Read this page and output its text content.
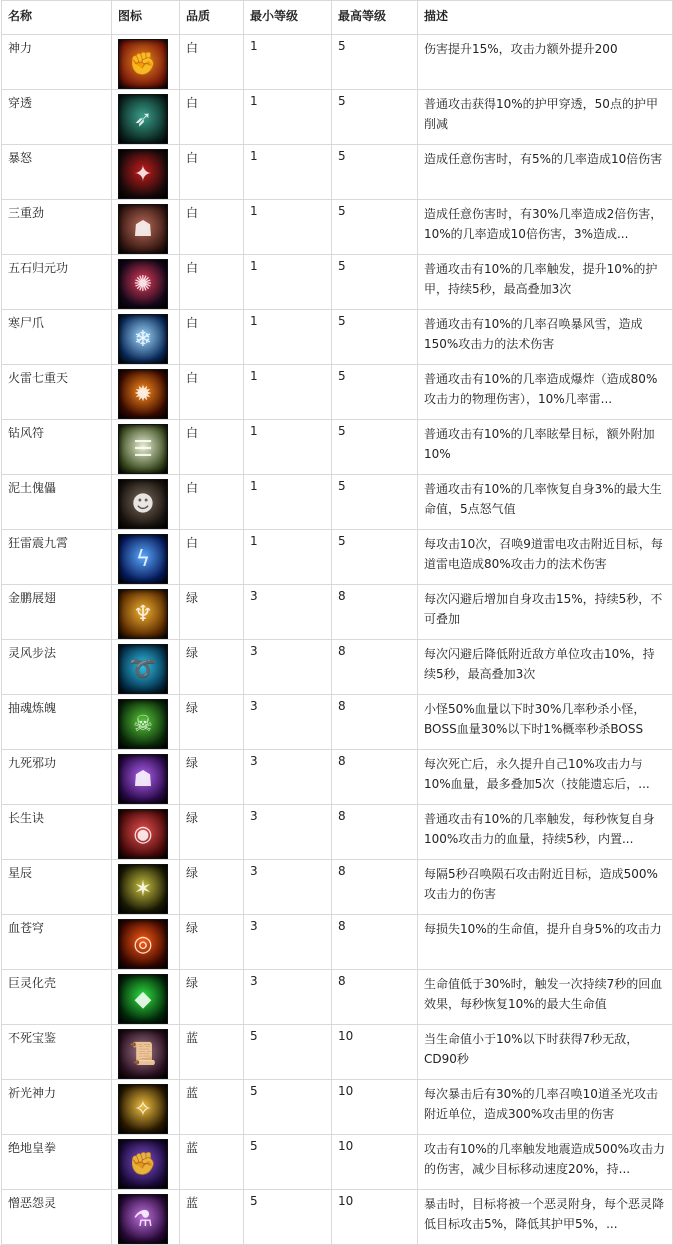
名称	图标	品质	最小等级	最高等级	描述
神力	✊	白	1	5	伤害提升15%，攻击力额外提升200

穿透	➶	白	1	5	普通攻击获得10%的护甲穿透，50点的护甲削减

暴怒	✦	白	1	5	造成任意伤害时，有5%的几率造成10倍伤害

三重劲	☗	白	1	5	造成任意伤害时，有30%几率造成2倍伤害，10%的几率造成10倍伤害，3%造成...

五石归元功	✺	白	1	5	普通攻击有10%的几率触发，提升10%的护甲，持续5秒，最高叠加3次

寒尸爪	❄	白	1	5	普通攻击有10%的几率召唤暴风雪，造成150%攻击力的法术伤害

火雷七重天	✹	白	1	5	普通攻击有10%的几率造成爆炸（造成80%攻击力的物理伤害），10%几率雷...

钻风符	☰	白	1	5	普通攻击有10%的几率眩晕目标，额外附加10%

泥土傀儡	☻	白	1	5	普通攻击有10%的几率恢复自身3%的最大生命值，5点怒气值

狂雷震九霄	ϟ	白	1	5	每攻击10次，召唤9道雷电攻击附近目标，每道雷电造成80%攻击力的法术伤害

金鹏展翅	♆	绿	3	8	每次闪避后增加自身攻击15%，持续5秒，不可叠加

灵风步法	➰	绿	3	8	每次闪避后降低附近敌方单位攻击10%，持续5秒，最高叠加3次

抽魂炼魄	☠	绿	3	8	小怪50%血量以下时30%几率秒杀小怪，BOSS血量30%以下时1%概率秒杀BOSS

九死邪功	☗	绿	3	8	每次死亡后，永久提升自己10%攻击力与10%血量，最多叠加5次（技能遗忘后，...

长生诀	◉	绿	3	8	普通攻击有10%的几率触发，每秒恢复自身100%攻击力的血量，持续5秒，内置...

星辰	✶	绿	3	8	每隔5秒召唤陨石攻击附近目标，造成500%攻击力的伤害

血苍穹	◎	绿	3	8	每损失10%的生命值，提升自身5%的攻击力

巨灵化壳	◆	绿	3	8	生命值低于30%时，触发一次持续7秒的回血效果，每秒恢复10%的最大生命值

不死宝鉴	📜	蓝	5	10	当生命值小于10%以下时获得7秒无敌，CD90秒

祈光神力	✧	蓝	5	10	每次暴击后有30%的几率召唤10道圣光攻击附近单位，造成300%攻击里的伤害

绝地皇拳	✊	蓝	5	10	攻击有10%的几率触发地震造成500%攻击力的伤害，减少目标移动速度20%，持...

憎恶怨灵	⚗	蓝	5	10	暴击时，目标将被一个恶灵附身，每个恶灵降低目标攻击5%，降低其护甲5%，...
